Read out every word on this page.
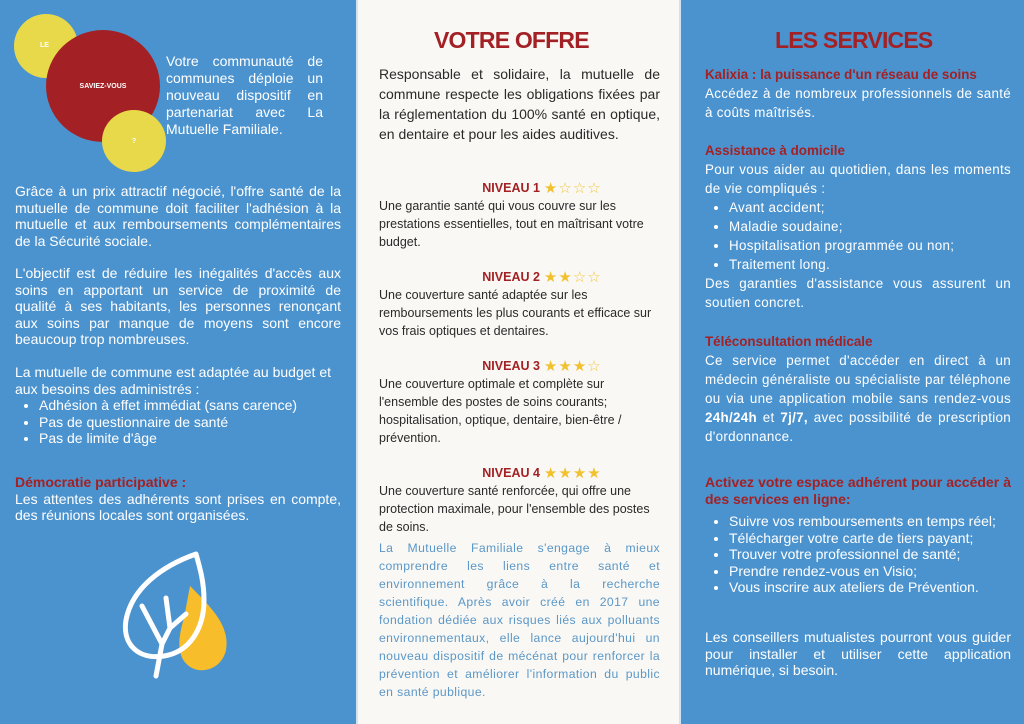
LE
SAVIEZ-VOUS
?
Votre communauté de communes déploie un nouveau dispositif en partenariat avec La Mutuelle Familiale.
Grâce à un prix attractif négocié, l'offre santé de la mutuelle de commune doit faciliter l'adhésion à la mutuelle et aux remboursements complémentaires de la Sécurité sociale.
L'objectif est de réduire les inégalités d'accès aux soins en apportant un service de proximité de qualité à ses habitants, les personnes renonçant aux soins par manque de moyens sont encore beaucoup trop nombreuses.
La mutuelle de commune est adaptée au budget et aux besoins des administrés :
• Adhésion à effet immédiat (sans carence)
• Pas de questionnaire de santé
• Pas de limite d'âge
Démocratie participative :
Les attentes des adhérents sont prises en compte, des réunions locales sont organisées.
VOTRE OFFRE
Responsable et solidaire, la mutuelle de commune respecte les obligations fixées par la réglementation du 100% santé en optique, en dentaire et pour les aides auditives.
NIVEAU 1 ★ ☆ ☆ ☆
Une garantie santé qui vous couvre sur les prestations essentielles, tout en maîtrisant votre budget.
NIVEAU 2 ★ ★ ☆ ☆
Une couverture santé adaptée sur les remboursements les plus courants et efficace sur vos frais optiques et dentaires.
NIVEAU 3 ★ ★ ★ ☆
Une couverture optimale et complète sur l'ensemble des postes de soins courants; hospitalisation, optique, dentaire, bien-être / prévention.
NIVEAU 4 ★ ★ ★ ★
Une couverture santé renforcée, qui offre une protection maximale, pour l'ensemble des postes de soins.
La Mutuelle Familiale s'engage à mieux comprendre les liens entre santé et environnement grâce à la recherche scientifique. Après avoir créé en 2017 une fondation dédiée aux risques liés aux polluants environnementaux, elle lance aujourd'hui un nouveau dispositif de mécénat pour renforcer la prévention et améliorer l'information du public en santé publique.
LES SERVICES
Kalixia : la puissance d'un réseau de soins
Accédez à de nombreux professionnels de santé à coûts maîtrisés.
Assistance à domicile
Pour vous aider au quotidien, dans les moments de vie compliqués :
• Avant accident;
• Maladie soudaine;
• Hospitalisation programmée ou non;
• Traitement long.
Des garanties d'assistance vous assurent un soutien concret.
Téléconsultation médicale
Ce service permet d'accéder en direct à un médecin généraliste ou spécialiste par téléphone ou via une application mobile sans rendez-vous 24h/24h et 7j/7, avec possibilité de prescription d'ordonnance.
Activez votre espace adhérent pour accéder à des services en ligne:
• Suivre vos remboursements en temps réel;
• Télécharger votre carte de tiers payant;
• Trouver votre professionnel de santé;
• Prendre rendez-vous en Visio;
• Vous inscrire aux ateliers de Prévention.
Les conseillers mutualistes pourront vous guider pour installer et utiliser cette application numérique, si besoin.
